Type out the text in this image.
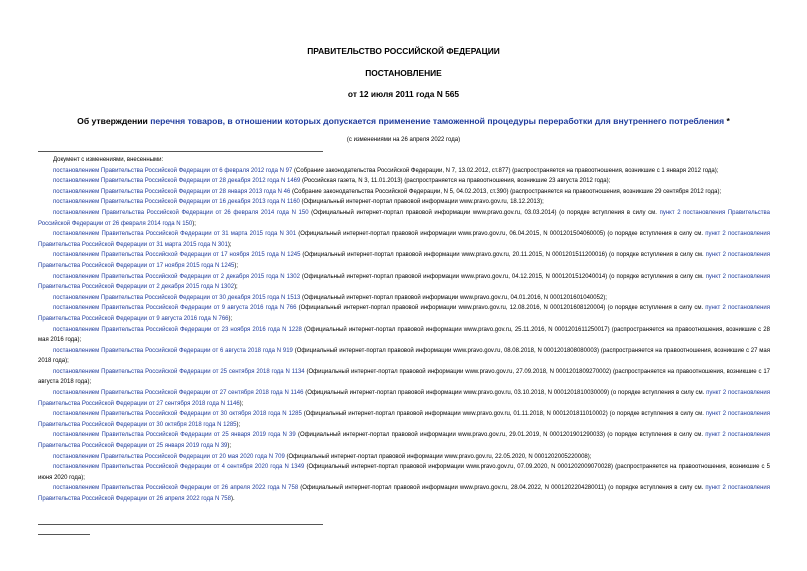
ПРАВИТЕЛЬСТВО РОССИЙСКОЙ ФЕДЕРАЦИИ
ПОСТАНОВЛЕНИЕ
от 12 июля 2011 года N 565
Об утверждении перечня товаров, в отношении которых допускается применение таможенной процедуры переработки для внутреннего потребления *
(с изменениями на 26 апреля 2022 года)

Документ с изменениями, внесенными:

постановлением Правительства Российской Федерации от 6 февраля 2012 года N 97 (Собрание законодательства Российской Федерации, N 7, 13.02.2012, ст.877) (распространяется на правоотношения, возникшие с 1 января 2012 года);

постановлением Правительства Российской Федерации от 28 декабря 2012 года N 1469 (Российская газета, N 3, 11.01.2013) (распространяется на правоотношения, возникшие 23 августа 2012 года);

постановлением Правительства Российской Федерации от 28 января 2013 года N 46 (Собрание законодательства Российской Федерации, N 5, 04.02.2013, ст.390) (распространяется на правоотношения, возникшие 29 сентября 2012 года);

постановлением Правительства Российской Федерации от 16 декабря 2013 года N 1160 (Официальный интернет-портал правовой информации www.pravo.gov.ru, 18.12.2013);

постановлением Правительства Российской Федерации от 26 февраля 2014 года N 150 (Официальный интернет-портал правовой информации www.pravo.gov.ru, 03.03.2014) (о порядке вступления в силу см. пункт 2 постановления Правительства Российской Федерации от 26 февраля 2014 года N 150);

постановлением Правительства Российской Федерации от 31 марта 2015 года N 301 (Официальный интернет-портал правовой информации www.pravo.gov.ru, 06.04.2015, N 0001201504060005) (о порядке вступления в силу см. пункт 2 постановления Правительства Российской Федерации от 31 марта 2015 года N 301);

постановлением Правительства Российской Федерации от 17 ноября 2015 года N 1245 (Официальный интернет-портал правовой информации www.pravo.gov.ru, 20.11.2015, N 0001201511200016) (о порядке вступления в силу см. пункт 2 постановления Правительства Российской Федерации от 17 ноября 2015 года N 1245);

постановлением Правительства Российской Федерации от 2 декабря 2015 года N 1302 (Официальный интернет-портал правовой информации www.pravo.gov.ru, 04.12.2015, N 0001201512040014) (о порядке вступления в силу см. пункт 2 постановления Правительства Российской Федерации от 2 декабря 2015 года N 1302);

постановлением Правительства Российской Федерации от 30 декабря 2015 года N 1513 (Официальный интернет-портал правовой информации www.pravo.gov.ru, 04.01.2016, N 0001201601040052);

постановлением Правительства Российской Федерации от 9 августа 2016 года N 766 (Официальный интернет-портал правовой информации www.pravo.gov.ru, 12.08.2016, N 0001201608120004) (о порядке вступления в силу см. пункт 2 постановления Правительства Российской Федерации от 9 августа 2016 года N 766);

постановлением Правительства Российской Федерации от 23 ноября 2016 года N 1228 (Официальный интернет-портал правовой информации www.pravo.gov.ru, 25.11.2016, N 0001201611250017) (распространяется на правоотношения, возникшие с 28 мая 2016 года);

постановлением Правительства Российской Федерации от 6 августа 2018 года N 919 (Официальный интернет-портал правовой информации www.pravo.gov.ru, 08.08.2018, N 0001201808080003) (распространяется на правоотношения, возникшие с 27 мая 2018 года);

постановлением Правительства Российской Федерации от 25 сентября 2018 года N 1134 (Официальный интернет-портал правовой информации www.pravo.gov.ru, 27.09.2018, N 0001201809270002) (распространяется на правоотношения, возникшие с 17 августа 2018 года);

постановлением Правительства Российской Федерации от 27 сентября 2018 года N 1146 (Официальный интернет-портал правовой информации www.pravo.gov.ru, 03.10.2018, N 0001201810030009) (о порядке вступления в силу см. пункт 2 постановления Правительства Российской Федерации от 27 сентября 2018 года N 1146);

постановлением Правительства Российской Федерации от 30 октября 2018 года N 1285 (Официальный интернет-портал правовой информации www.pravo.gov.ru, 01.11.2018, N 0001201811010002) (о порядке вступления в силу см. пункт 2 постановления Правительства Российской Федерации от 30 октября 2018 года N 1285);

постановлением Правительства Российской Федерации от 25 января 2019 года N 39 (Официальный интернет-портал правовой информации www.pravo.gov.ru, 29.01.2019, N 0001201901290033) (о порядке вступления в силу см. пункт 2 постановления Правительства Российской Федерации от 25 января 2019 года N 39);

постановлением Правительства Российской Федерации от 20 мая 2020 года N 709 (Официальный интернет-портал правовой информации www.pravo.gov.ru, 22.05.2020, N 0001202005220008);

постановлением Правительства Российской Федерации от 4 сентября 2020 года N 1349 (Официальный интернет-портал правовой информации www.pravo.gov.ru, 07.09.2020, N 0001202009070028) (распространяется на правоотношения, возникшие с 5 июня 2020 года);

постановлением Правительства Российской Федерации от 26 апреля 2022 года N 758 (Официальный интернет-портал правовой информации www.pravo.gov.ru, 28.04.2022, N 0001202204280011) (о порядке вступления в силу см. пункт 2 постановления Правительства Российской Федерации от 26 апреля 2022 года N 758).
